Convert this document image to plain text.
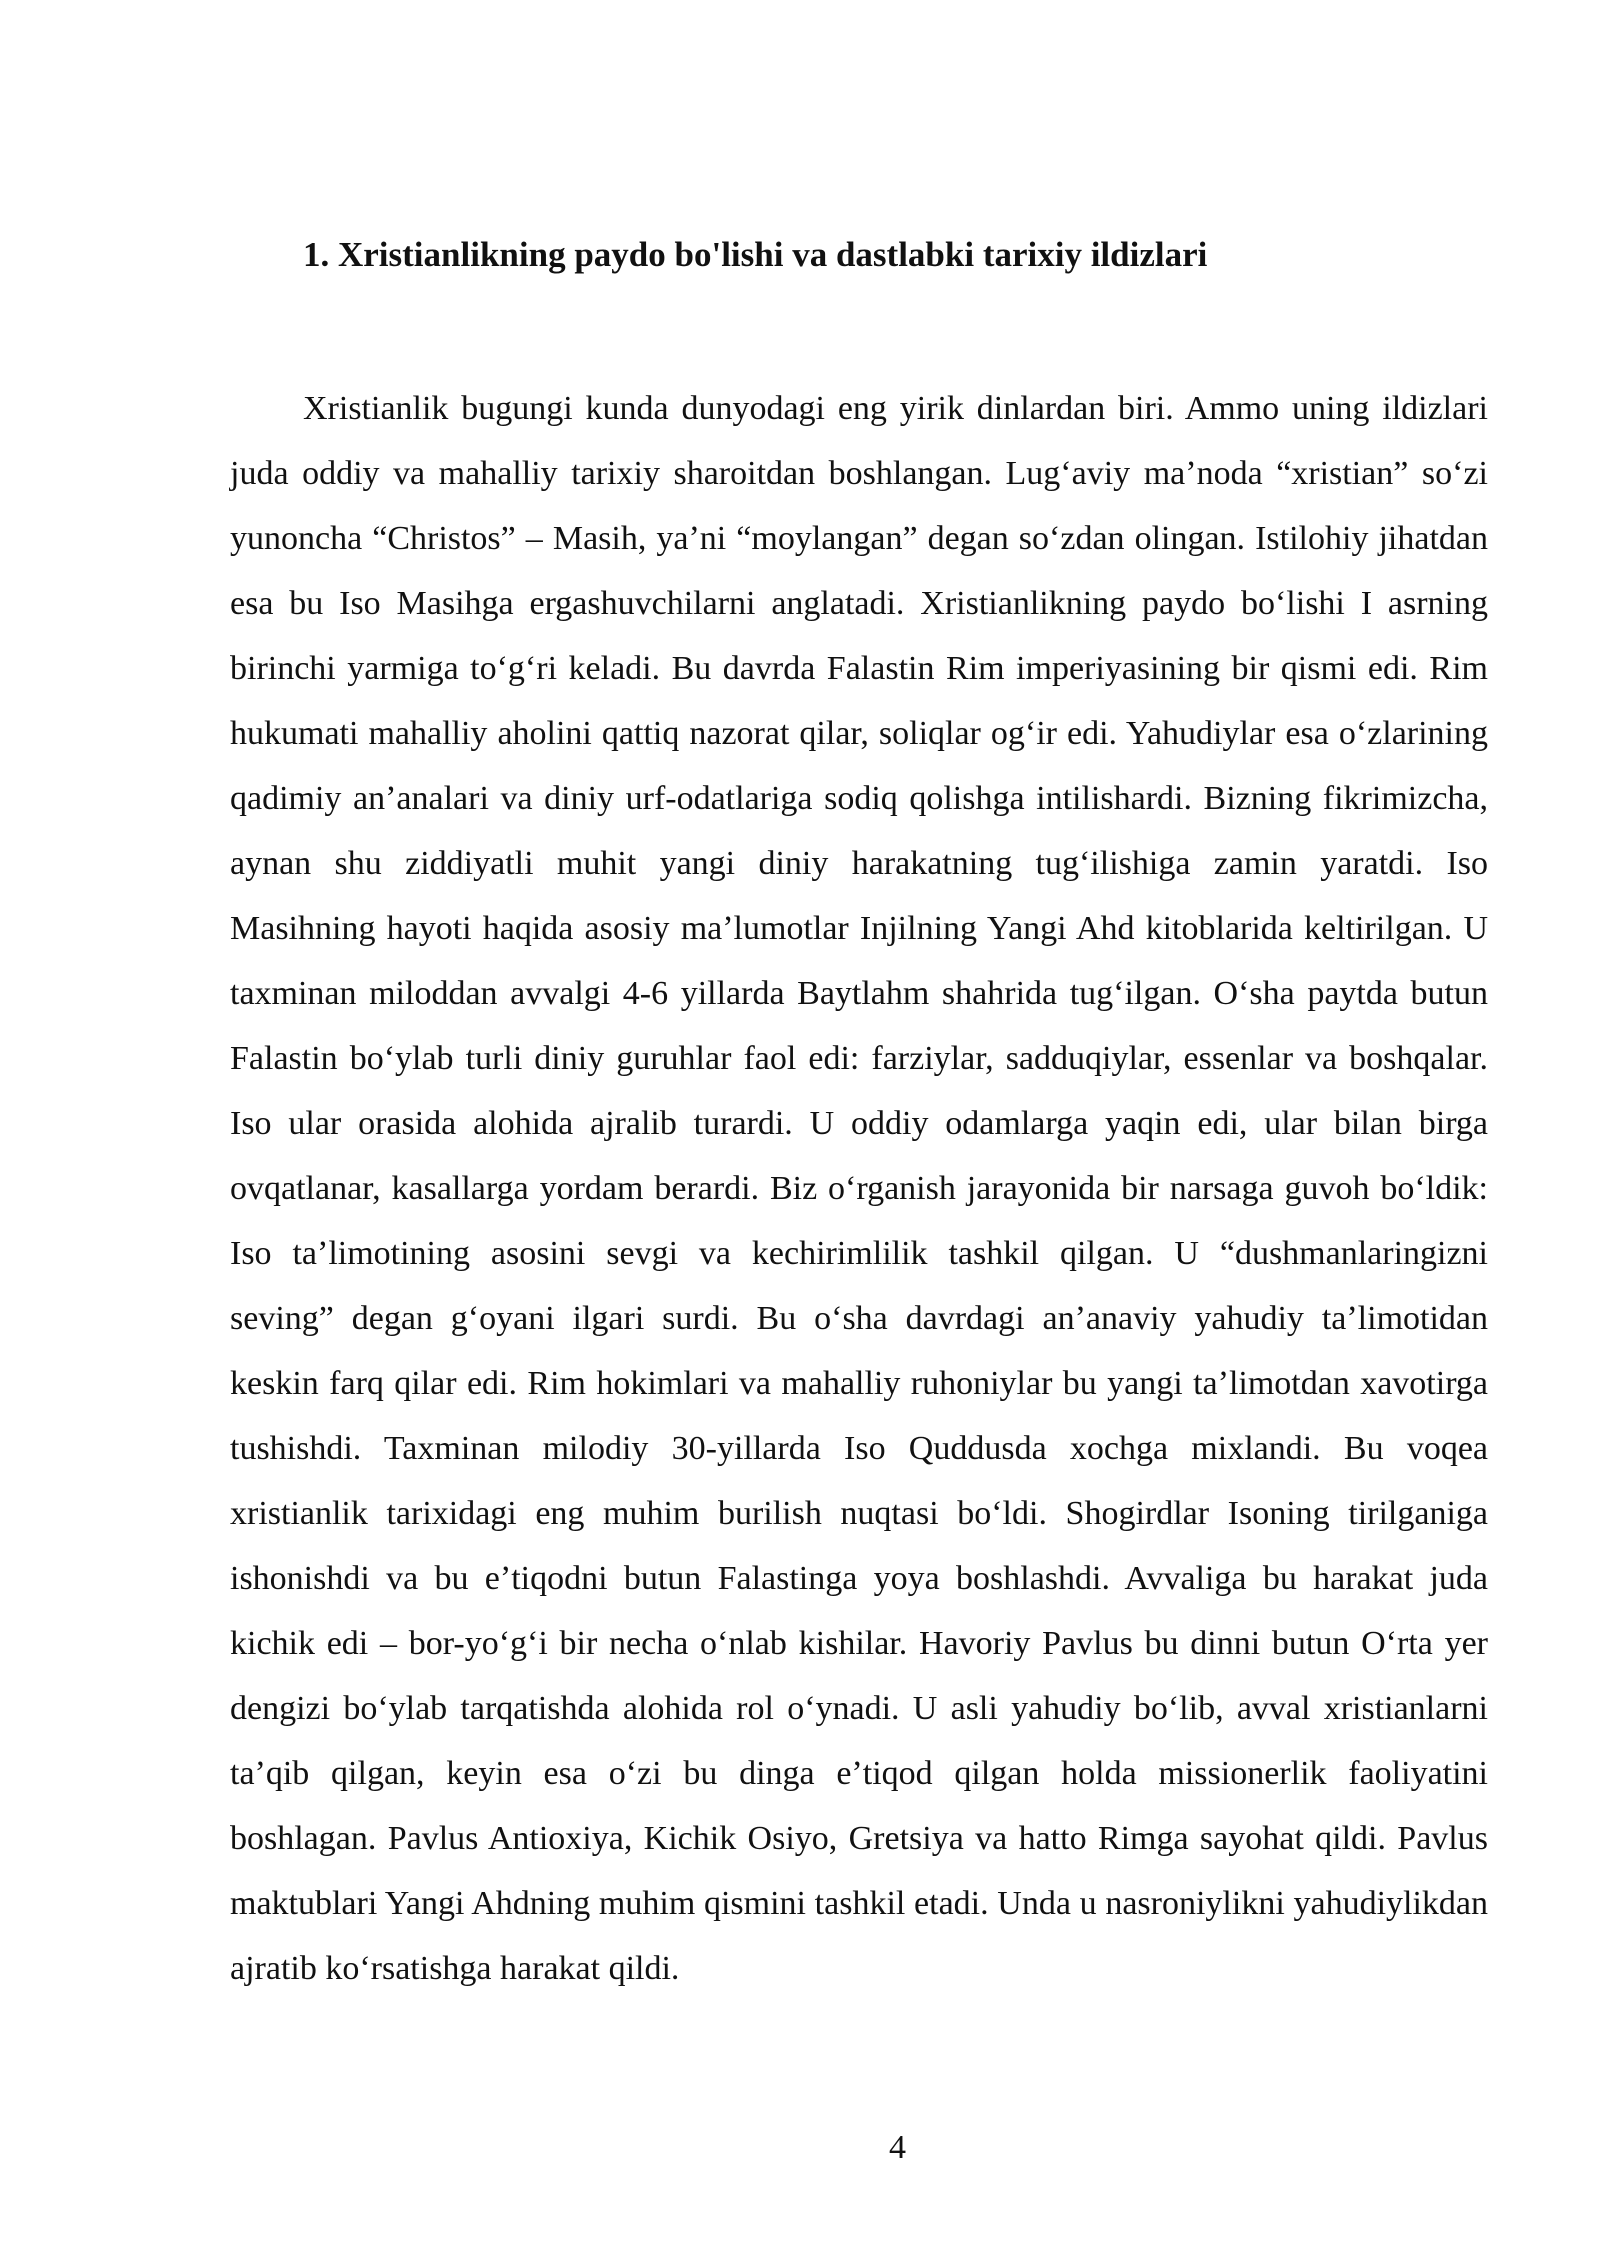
1. Xristianlikning paydo bo'lishi va dastlabki tarixiy ildizlari

Xristianlik bugungi kunda dunyodagi eng yirik dinlardan biri. Ammo uning ildizlari juda oddiy va mahalliy tarixiy sharoitdan boshlangan. Lugʻaviy maʼnoda “xristian” soʻzi yunoncha “Christos” – Masih, yaʼni “moylangan” degan soʻzdan olingan. Istilohiy jihatdan esa bu Iso Masihga ergashuvchilarni anglatadi. Xristianlikning paydo boʻlishi I asrning birinchi yarmiga toʻgʻri keladi. Bu davrda Falastin Rim imperiyasining bir qismi edi. Rim hukumati mahalliy aholini qattiq nazorat qilar, soliqlar ogʻir edi. Yahudiylar esa oʻzlarining qadimiy anʼanalari va diniy urf-odatlariga sodiq qolishga intilishardi. Bizning fikrimizcha, aynan shu ziddiyatli muhit yangi diniy harakatning tugʻilishiga zamin yaratdi. Iso Masihning hayoti haqida asosiy maʼlumotlar Injilning Yangi Ahd kitoblarida keltirilgan. U taxminan miloddan avvalgi 4-6 yillarda Baytlahm shahrida tugʻilgan. Oʻsha paytda butun Falastin boʻylab turli diniy guruhlar faol edi: farziylar, sadduqiylar, essenlar va boshqalar. Iso ular orasida alohida ajralib turardi. U oddiy odamlarga yaqin edi, ular bilan birga ovqatlanar, kasallarga yordam berardi. Biz oʻrganish jarayonida bir narsaga guvoh boʻldik: Iso taʼlimotining asosini sevgi va kechirimlilik tashkil qilgan. U “dushmanlaringizni seving” degan gʻoyani ilgari surdi. Bu oʻsha davrdagi anʼanaviy yahudiy taʼlimotidan keskin farq qilar edi. Rim hokimlari va mahalliy ruhoniylar bu yangi taʼlimotdan xavotirga tushishdi. Taxminan milodiy 30-yillarda Iso Quddusda xochga mixlandi. Bu voqea xristianlik tarixidagi eng muhim burilish nuqtasi boʻldi. Shogirdlar Isoning tirilganiga ishonishdi va bu eʼtiqodni butun Falastinga yoya boshlashdi. Avvaliga bu harakat juda kichik edi – bor-yoʻgʻi bir necha oʻnlab kishilar. Havoriy Pavlus bu dinni butun Oʻrta yer dengizi boʻylab tarqatishda alohida rol oʻynadi. U asli yahudiy boʻlib, avval xristianlarni taʼqib qilgan, keyin esa oʻzi bu dinga eʼtiqod qilgan holda missionerlik faoliyatini boshlagan. Pavlus Antioxiya, Kichik Osiyo, Gretsiya va hatto Rimga sayohat qildi. Pavlus maktublari Yangi Ahdning muhim qismini tashkil etadi. Unda u nasroniylikni yahudiylikdan ajratib koʻrsatishga harakat qildi.

4
